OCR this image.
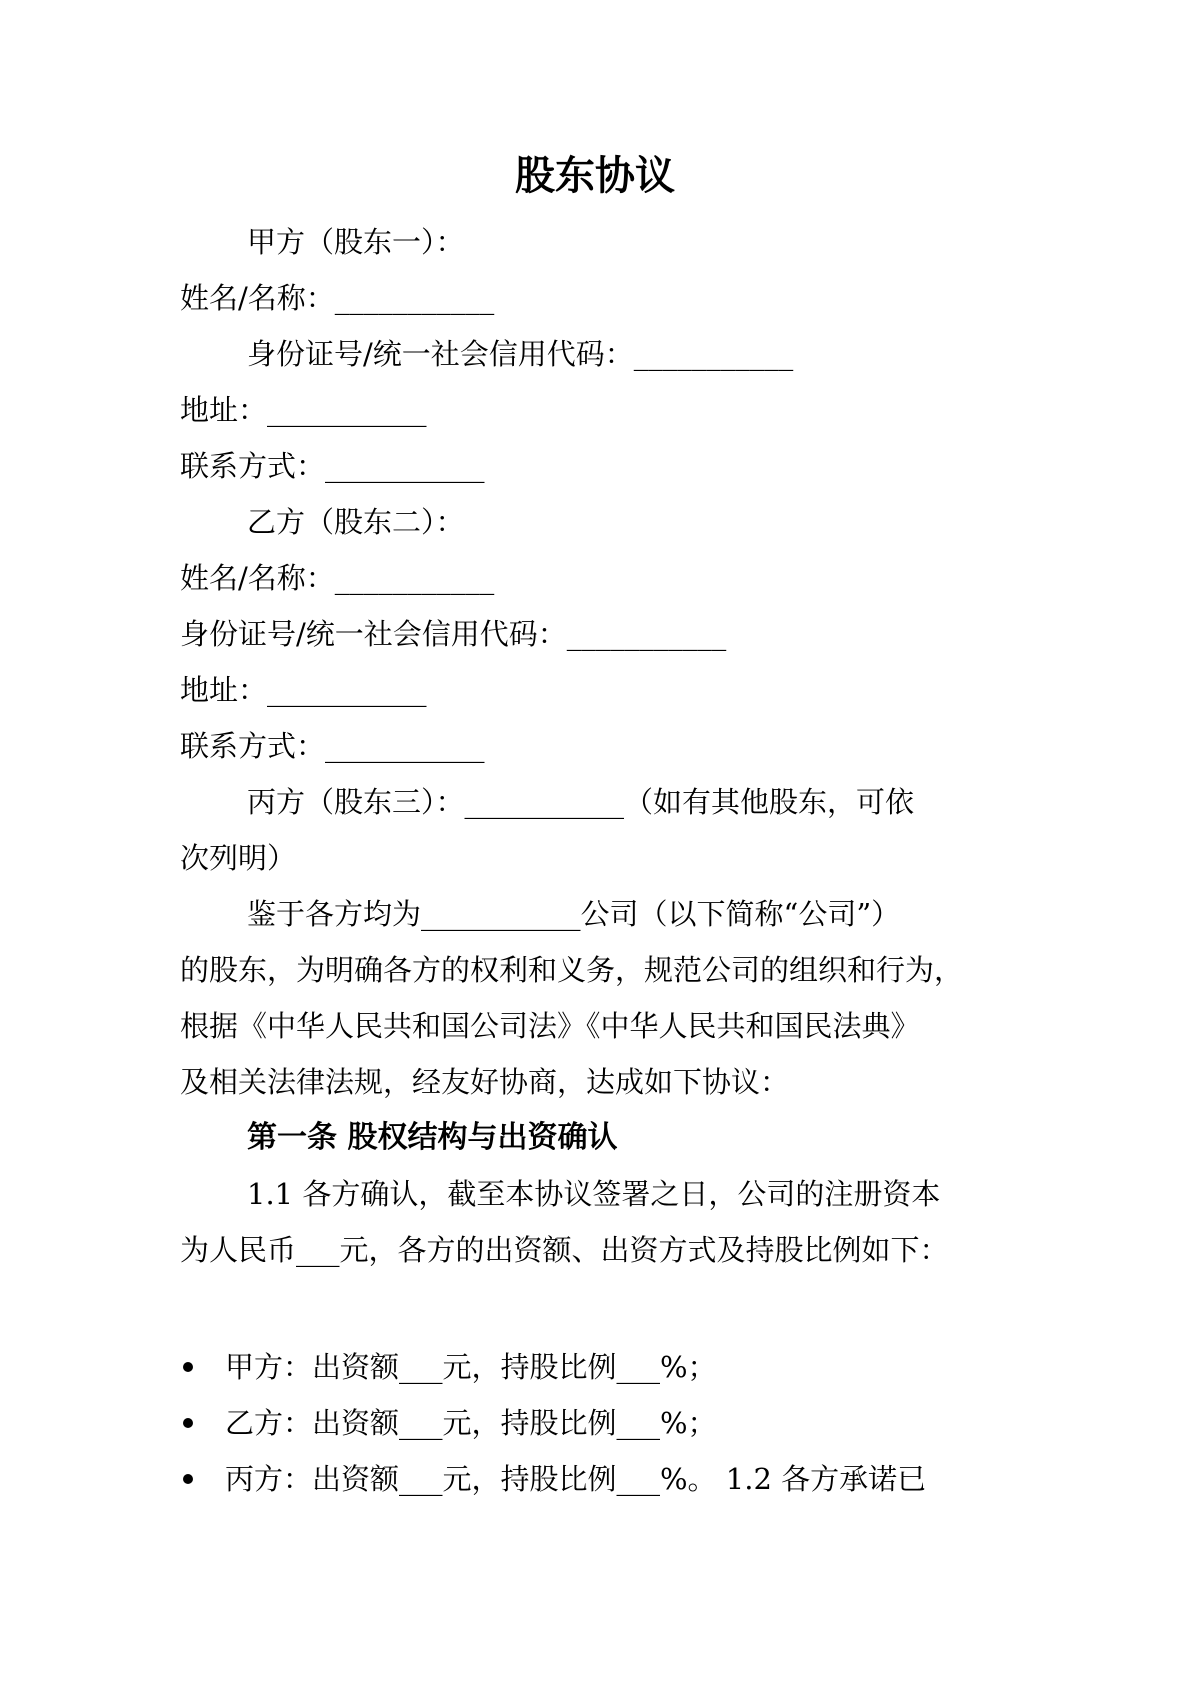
股东协议
甲方（股东一）：
姓名/名称：___________
身份证号/统一社会信用代码：___________
地址：___________
联系方式：___________
乙方（股东二）：
姓名/名称：___________
身份证号/统一社会信用代码：___________
地址：___________
联系方式：___________
丙方（股东三）：___________（如有其他股东，可依
次列明）
鉴于各方均为___________公司（以下简称“公司”）
的股东，为明确各方的权利和义务，规范公司的组织和行为，
根据《中华人民共和国公司法》《中华人民共和国民法典》
及相关法律法规，经友好协商，达成如下协议：
第一条 股权结构与出资确认
1.1 各方确认，截至本协议签署之日，公司的注册资本
为人民币___元，各方的出资额、出资方式及持股比例如下：
甲方：出资额___元，持股比例___%；
乙方：出资额___元，持股比例___%；
丙方：出资额___元，持股比例___%。 1.2 各方承诺已
